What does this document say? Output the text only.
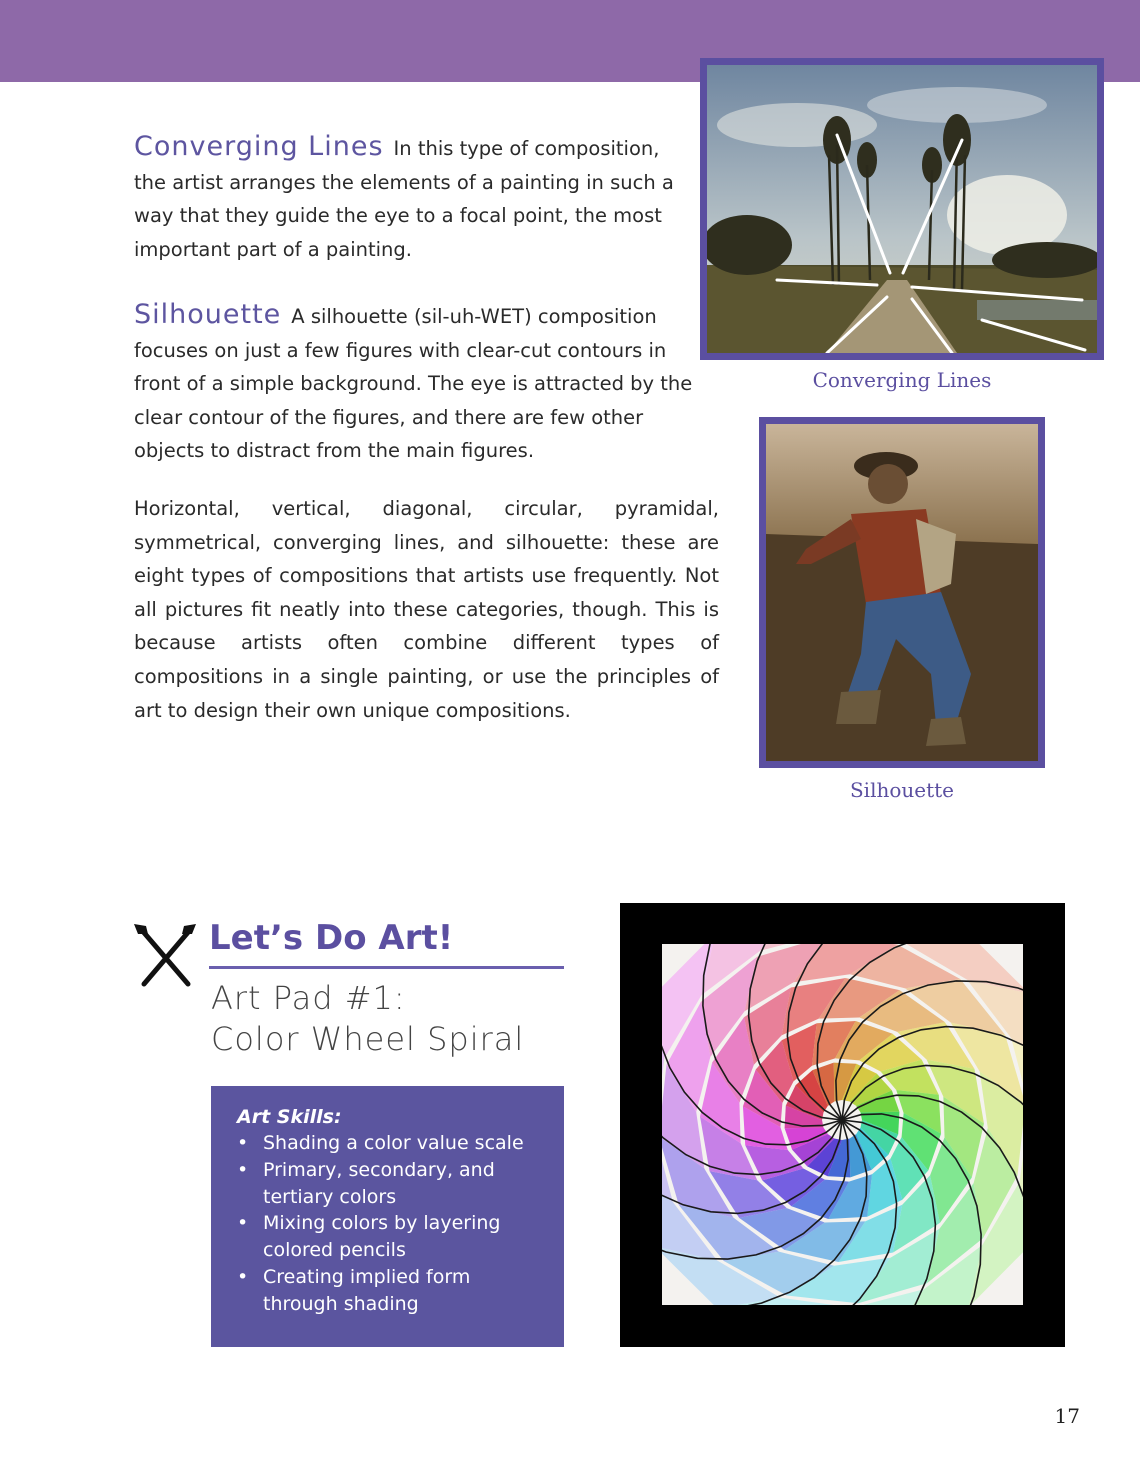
Converging Lines In this type of composition, the artist arranges the elements of a painting in such a way that they guide the eye to a focal point, the most important part of a painting.

Silhouette A silhouette (sil-uh-WET) composition focuses on just a few figures with clear-cut contours in front of a simple background. The eye is attracted by the clear contour of the figures, and there are few other objects to distract from the main figures.

Horizontal, vertical, diagonal, circular, pyramidal, symmetrical, converging lines, and silhouette: these are eight types of compositions that artists use frequently. Not all pictures fit neatly into these categories, though. This is because artists often combine different types of compositions in a single painting, or use the principles of art to design their own unique compositions.

Converging Lines
Silhouette
Let’s Do Art!
Art Pad #1:
Color Wheel Spiral

Art Skills:

• Shading a color value scale
• Primary, secondary, and tertiary colors
• Mixing colors by layering colored pencils
• Creating implied form through shading
17
